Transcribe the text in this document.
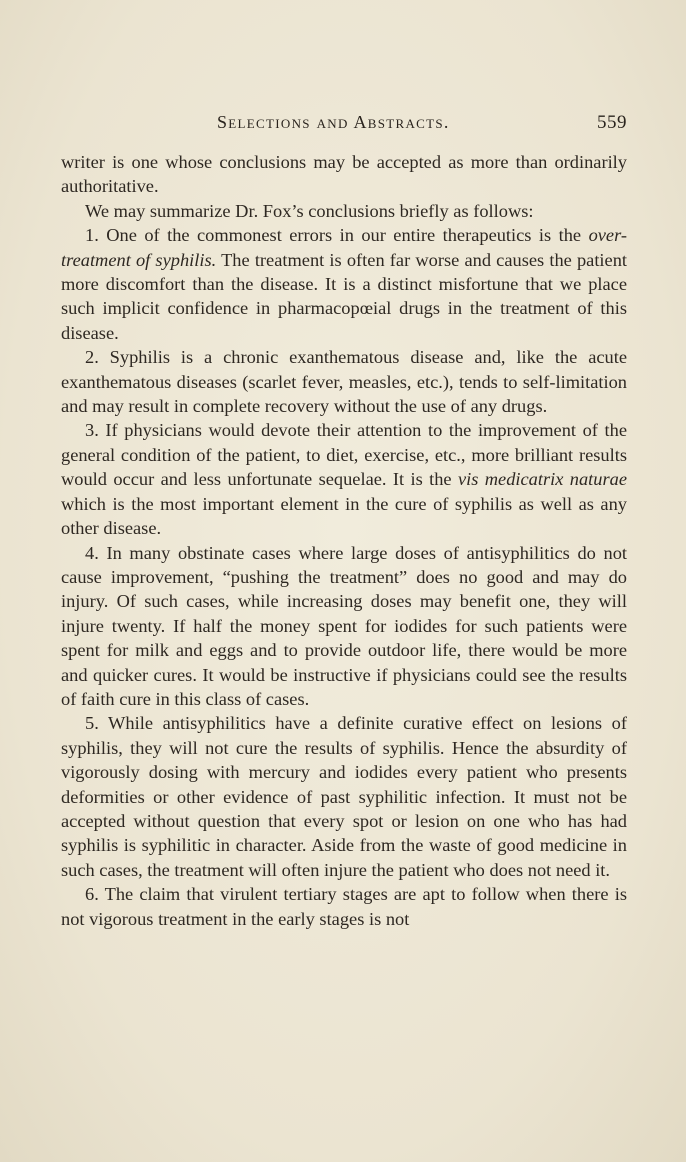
Selections and Abstracts.	559

writer is one whose conclusions may be accepted as more than ordinarily authoritative.

We may summarize Dr. Fox’s conclusions briefly as follows:

1. One of the commonest errors in our entire therapeutics is the over-treatment of syphilis. The treatment is often far worse and causes the patient more discomfort than the disease. It is a distinct misfortune that we place such implicit confidence in pharmacopœial drugs in the treatment of this disease.

2. Syphilis is a chronic exanthematous disease and, like the acute exanthematous diseases (scarlet fever, measles, etc.), tends to self-limitation and may result in complete recovery without the use of any drugs.

3. If physicians would devote their attention to the improvement of the general condition of the patient, to diet, exercise, etc., more brilliant results would occur and less unfortunate sequelae. It is the vis medicatrix naturae which is the most important element in the cure of syphilis as well as any other disease.

4. In many obstinate cases where large doses of antisyphilitics do not cause improvement, “pushing the treatment” does no good and may do injury. Of such cases, while increasing doses may benefit one, they will injure twenty. If half the money spent for iodides for such patients were spent for milk and eggs and to provide outdoor life, there would be more and quicker cures. It would be instructive if physicians could see the results of faith cure in this class of cases.

5. While antisyphilitics have a definite curative effect on lesions of syphilis, they will not cure the results of syphilis. Hence the absurdity of vigorously dosing with mercury and iodides every patient who presents deformities or other evidence of past syphilitic infection. It must not be accepted without question that every spot or lesion on one who has had syphilis is syphilitic in character. Aside from the waste of good medicine in such cases, the treatment will often injure the patient who does not need it.

6. The claim that virulent tertiary stages are apt to follow when there is not vigorous treatment in the early stages is not
